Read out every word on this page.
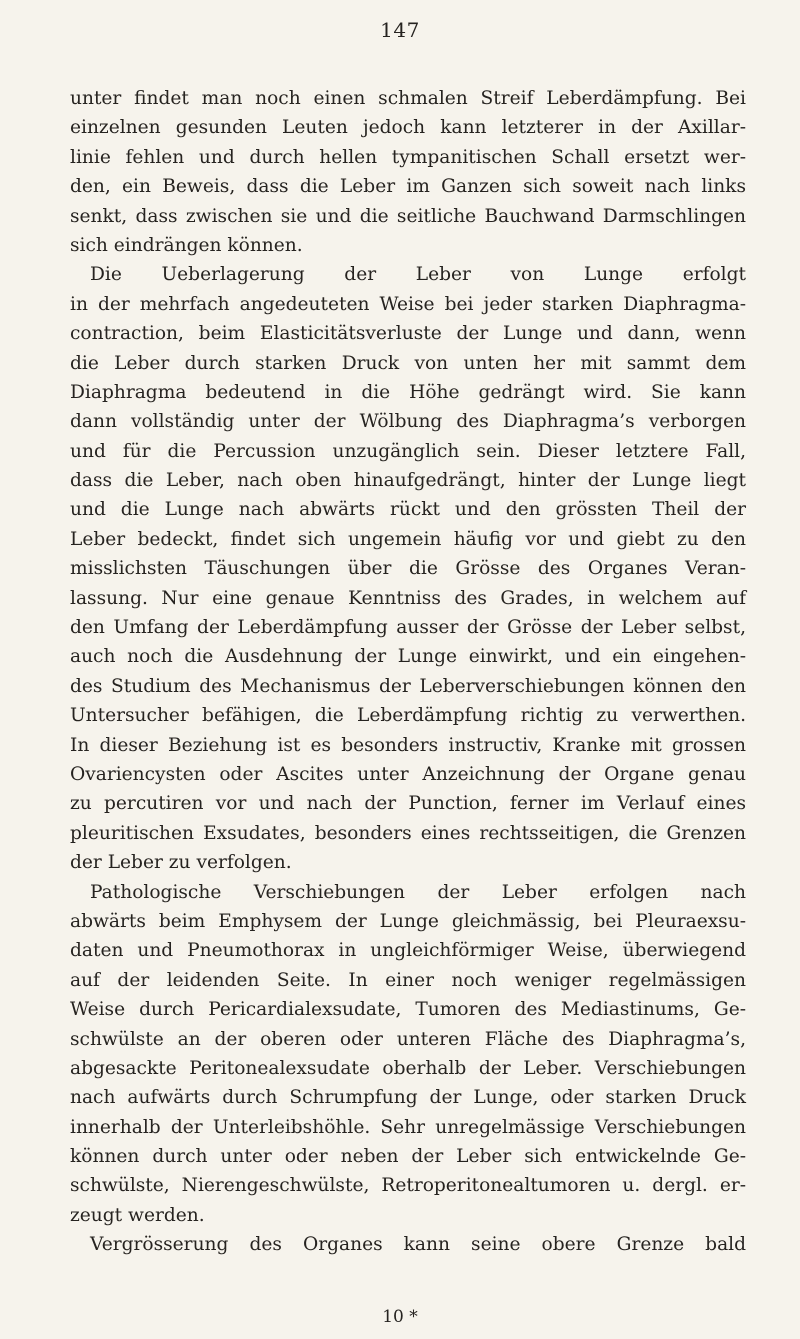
147
unter findet man noch einen schmalen Streif Leberdämpfung. Bei
einzelnen gesunden Leuten jedoch kann letzterer in der Axillar-
linie fehlen und durch hellen tympanitischen Schall ersetzt wer-
den, ein Beweis, dass die Leber im Ganzen sich soweit nach links
senkt, dass zwischen sie und die seitliche Bauchwand Darmschlingen
sich eindrängen können.
Die Ueberlagerung der Leber von Lunge erfolgt
in der mehrfach angedeuteten Weise bei jeder starken Diaphragma-
contraction, beim Elasticitätsverluste der Lunge und dann, wenn
die Leber durch starken Druck von unten her mit sammt dem
Diaphragma bedeutend in die Höhe gedrängt wird. Sie kann
dann vollständig unter der Wölbung des Diaphragma’s verborgen
und für die Percussion unzugänglich sein. Dieser letztere Fall,
dass die Leber, nach oben hinaufgedrängt, hinter der Lunge liegt
und die Lunge nach abwärts rückt und den grössten Theil der
Leber bedeckt, findet sich ungemein häufig vor und giebt zu den
misslichsten Täuschungen über die Grösse des Organes Veran-
lassung. Nur eine genaue Kenntniss des Grades, in welchem auf
den Umfang der Leberdämpfung ausser der Grösse der Leber selbst,
auch noch die Ausdehnung der Lunge einwirkt, und ein eingehen-
des Studium des Mechanismus der Leberverschiebungen können den
Untersucher befähigen, die Leberdämpfung richtig zu verwerthen.
In dieser Beziehung ist es besonders instructiv, Kranke mit grossen
Ovariencysten oder Ascites unter Anzeichnung der Organe genau
zu percutiren vor und nach der Punction, ferner im Verlauf eines
pleuritischen Exsudates, besonders eines rechtsseitigen, die Grenzen
der Leber zu verfolgen.
Pathologische Verschiebungen der Leber erfolgen nach
abwärts beim Emphysem der Lunge gleichmässig, bei Pleuraexsu-
daten und Pneumothorax in ungleichförmiger Weise, überwiegend
auf der leidenden Seite. In einer noch weniger regelmässigen
Weise durch Pericardialexsudate, Tumoren des Mediastinums, Ge-
schwülste an der oberen oder unteren Fläche des Diaphragma’s,
abgesackte Peritonealexsudate oberhalb der Leber. Verschiebungen
nach aufwärts durch Schrumpfung der Lunge, oder starken Druck
innerhalb der Unterleibshöhle. Sehr unregelmässige Verschiebungen
können durch unter oder neben der Leber sich entwickelnde Ge-
schwülste, Nierengeschwülste, Retroperitonealtumoren u. dergl. er-
zeugt werden.
Vergrösserung des Organes kann seine obere Grenze bald
10 *
